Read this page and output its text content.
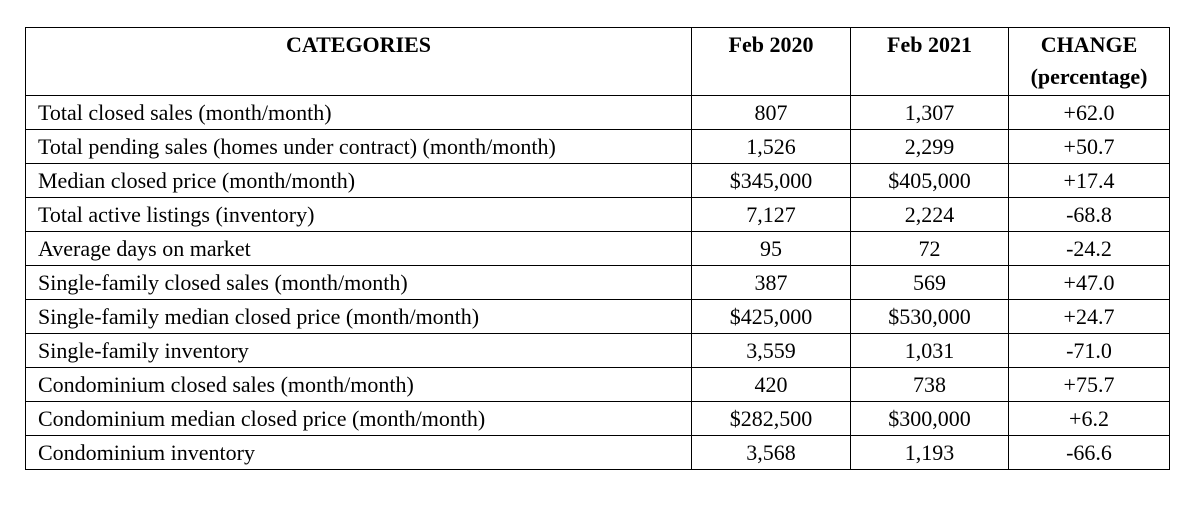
CATEGORIES	Feb 2020	Feb 2021	CHANGE
(percentage)

Total closed sales (month/month)	807	1,307	+62.0
Total pending sales (homes under contract) (month/month)	1,526	2,299	+50.7
Median closed price (month/month)	$345,000	$405,000	+17.4
Total active listings (inventory)	7,127	2,224	-68.8
Average days on market	95	72	-24.2
Single-family closed sales (month/month)	387	569	+47.0
Single-family median closed price (month/month)	$425,000	$530,000	+24.7
Single-family inventory	3,559	1,031	-71.0
Condominium closed sales (month/month)	420	738	+75.7
Condominium median closed price (month/month)	$282,500	$300,000	+6.2
Condominium inventory	3,568	1,193	-66.6
